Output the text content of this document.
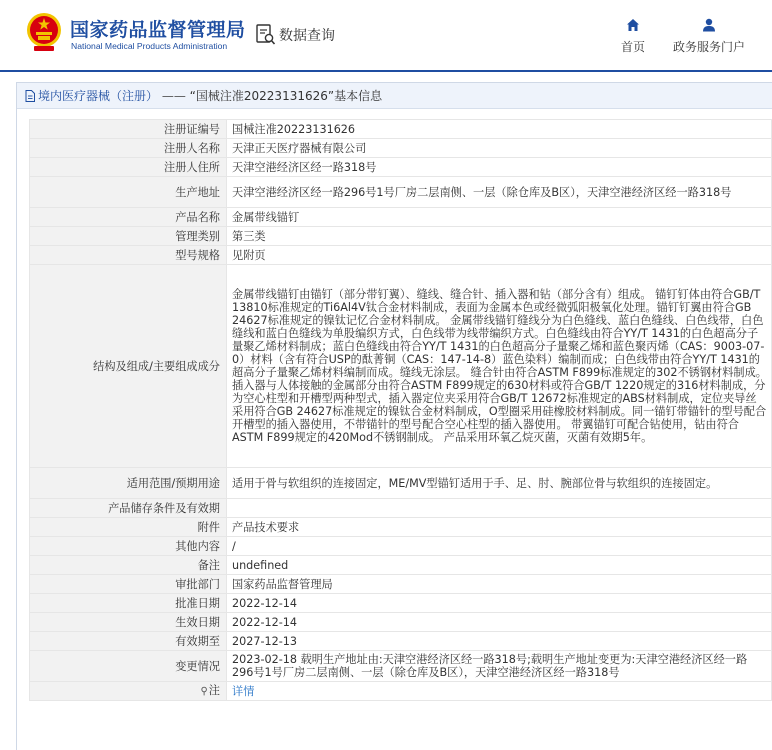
国家药品监督管理局
National Medical Products Administration
数据查询
首页	政务服务门户
境内医疗器械（注册） —— “国械注准20223131626”基本信息
注册证编号	国械注准20223131626
注册人名称	天津正天医疗器械有限公司
注册人住所	天津空港经济区经一路318号
生产地址	天津空港经济区经一路296号1号厂房二层南侧、一层（除仓库及B区），天津空港经济区经一路318号
产品名称	金属带线锚钉
管理类别	第三类
型号规格	见附页
结构及组成/主要组成成分	金属带线锚钉由锚钉（部分带钉翼）、缝线、缝合针、插入器和钻（部分含有）组成。 锚钉钉体由符合GB/T 13810标准规定的Ti6Al4V钛合金材料制成，表面为金属本色或经微弧阳极氧化处理。锚钉钉翼由符合GB 24627标准规定的镍钛记忆合金材料制成。 金属带线锚钉缝线分为白色缝线、蓝白色缝线、白色线带，白色缝线和蓝白色缝线为单股编织方式，白色线带为线带编织方式。白色缝线由符合YY/T 1431的白色超高分子量聚乙烯材料制成；蓝白色缝线由符合YY/T 1431的白色超高分子量聚乙烯和蓝色聚丙烯（CAS：9003-07-0）材料（含有符合USP的酞菁铜（CAS：147-14-8）蓝色染料）编制而成；白色线带由符合YY/T 1431的超高分子量聚乙烯材料编制而成。缝线无涂层。 缝合针由符合ASTM F899标准规定的302不锈钢材料制成。 插入器与人体接触的金属部分由符合ASTM F899规定的630材料或符合GB/T 1220规定的316材料制成，分为空心柱型和开槽型两种型式，插入器定位夹采用符合GB/T 12672标准规定的ABS材料制成，定位夹导丝采用符合GB 24627标准规定的镍钛合金材料制成，O型圈采用硅橡胶材料制成。同一锚钉带锚针的型号配合开槽型的插入器使用，不带锚针的型号配合空心柱型的插入器使用。 带翼锚钉可配合钻使用，钻由符合ASTM F899规定的420Mod不锈钢制成。 产品采用环氧乙烷灭菌，灭菌有效期5年。
适用范围/预期用途	适用于骨与软组织的连接固定，ME/MV型锚钉适用于手、足、肘、腕部位骨与软组织的连接固定。
产品储存条件及有效期	
附件	产品技术要求
其他内容	/
备注	undefined
审批部门	国家药品监督管理局
批准日期	2022-12-14
生效日期	2022-12-14
有效期至	2027-12-13
变更情况	2023-02-18 载明生产地址由:天津空港经济区经一路318号;载明生产地址变更为:天津空港经济区经一路296号1号厂房二层南侧、一层（除仓库及B区），天津空港经济区经一路318号
⚲注	详情
